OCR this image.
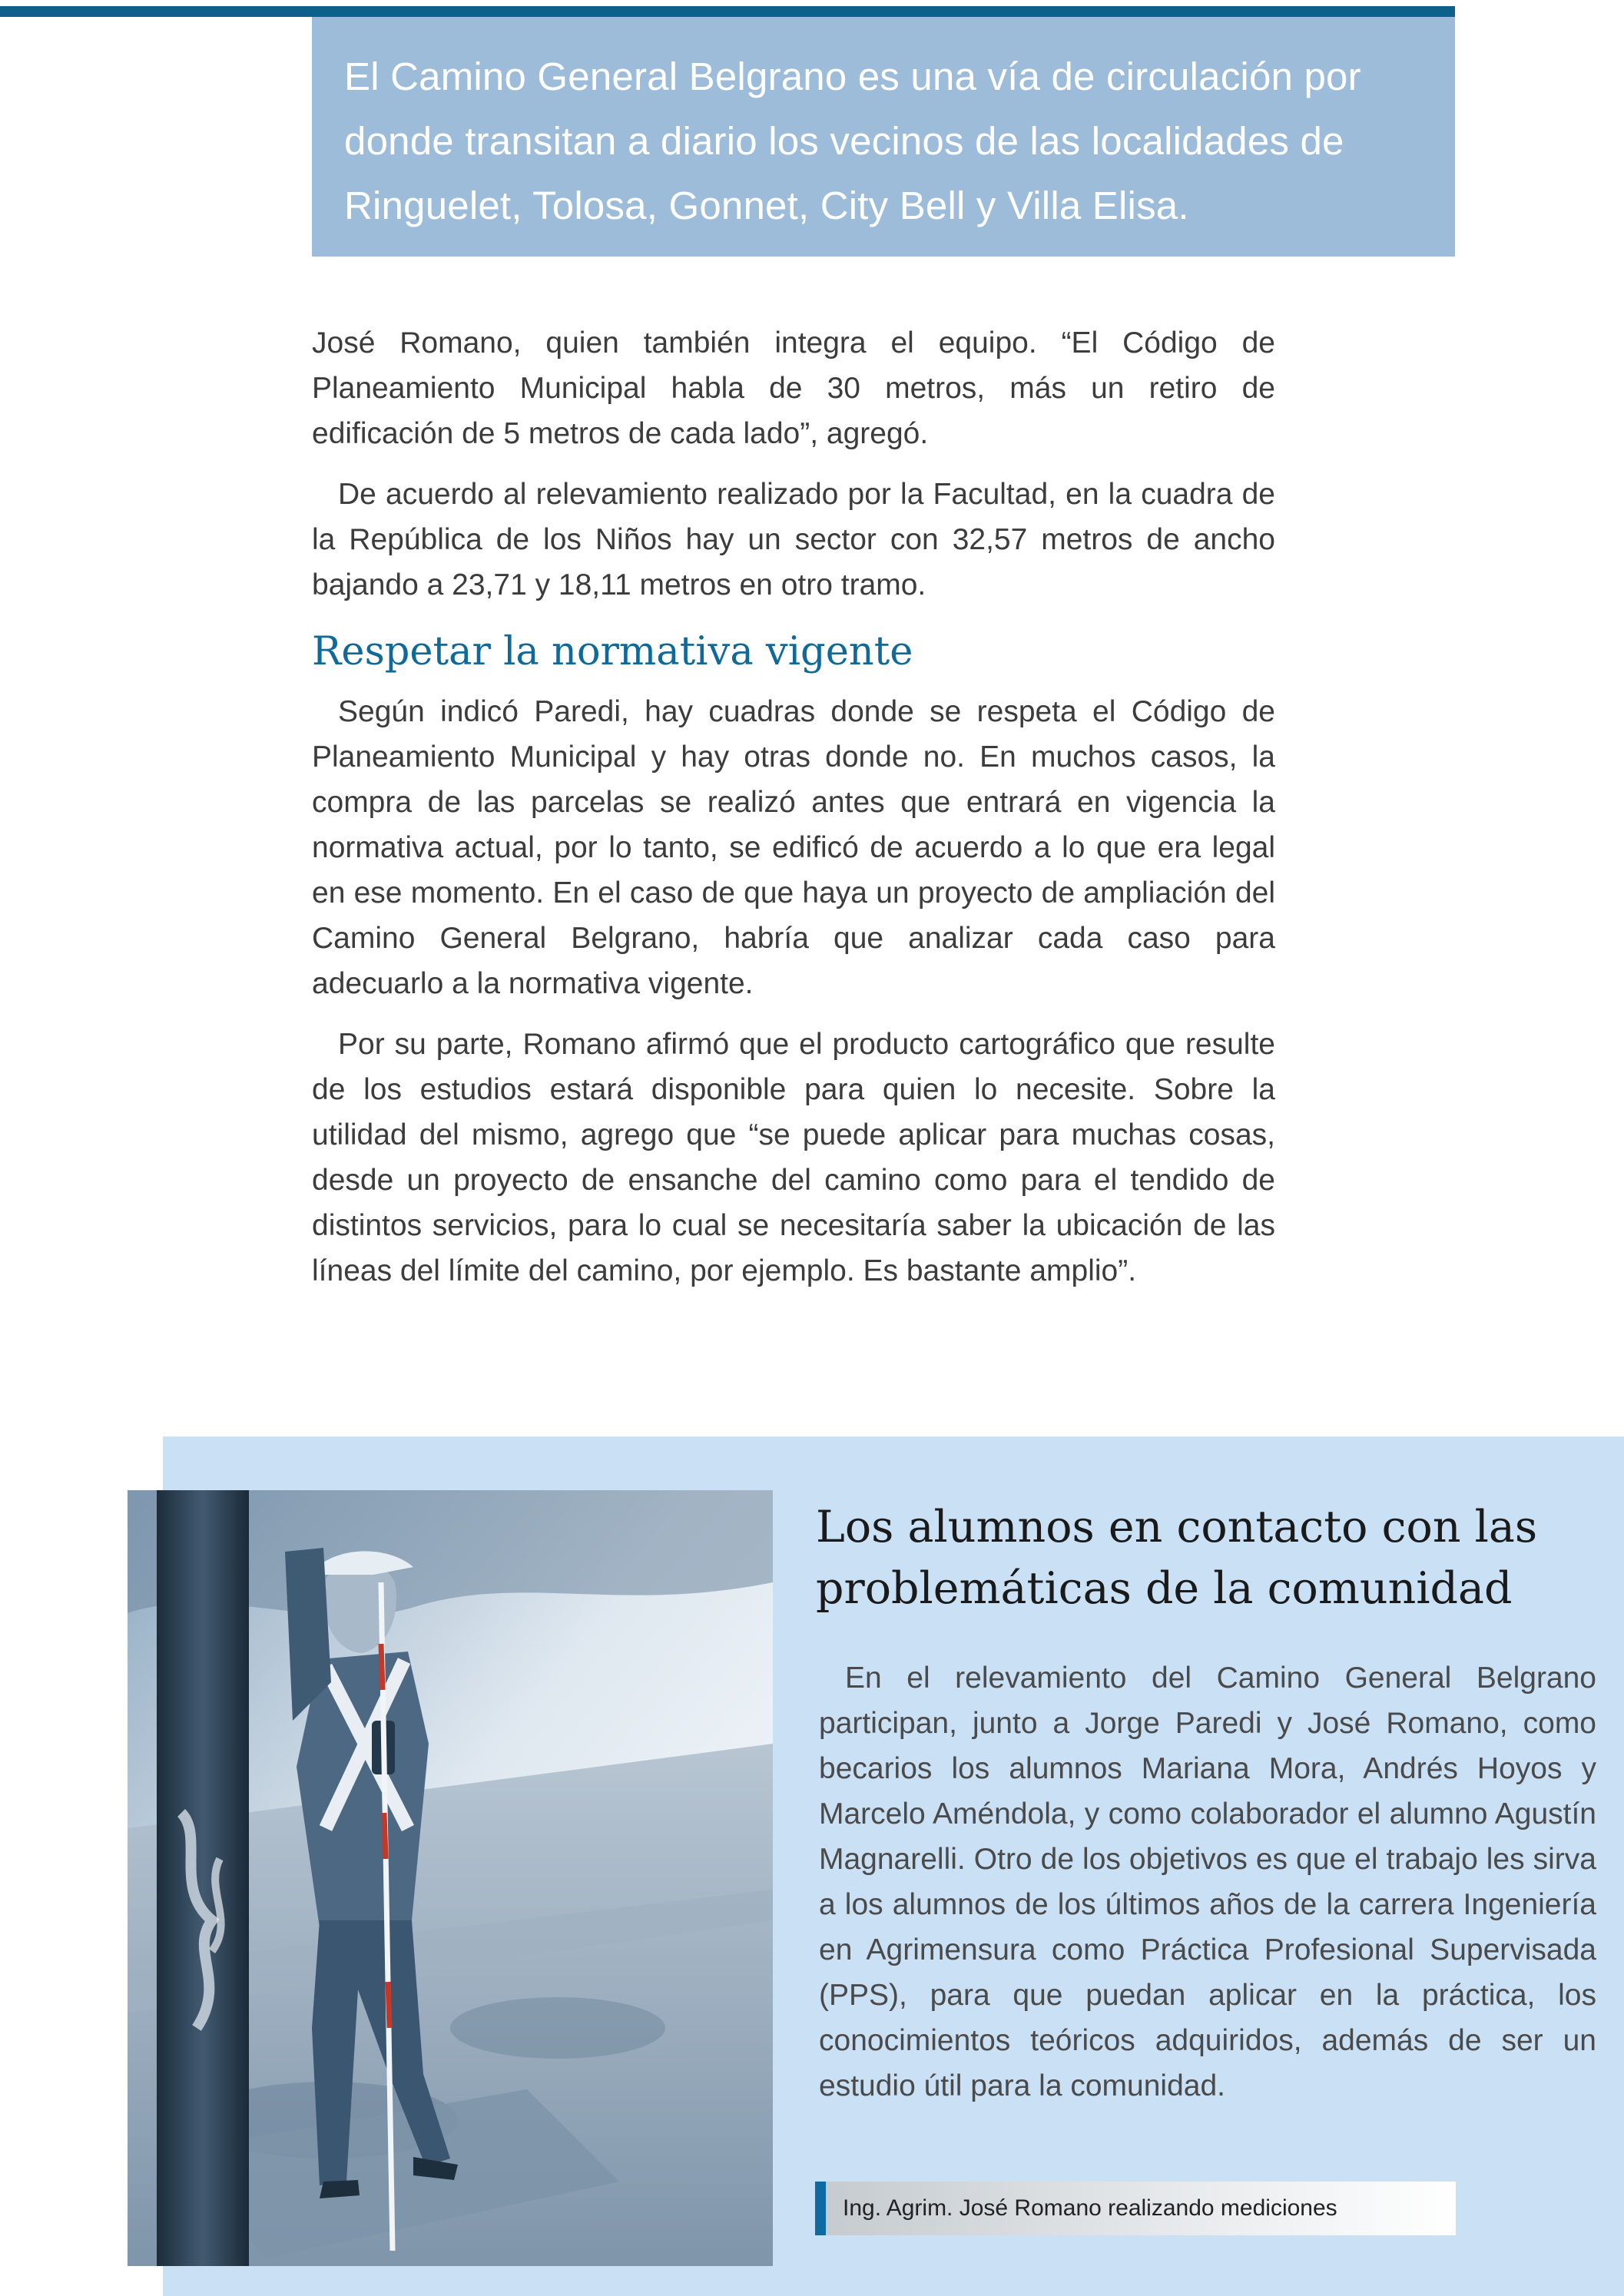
El Camino General Belgrano es una vía de circulación por donde transitan a diario los vecinos de las localidades de Ringuelet, Tolosa, Gonnet, City Bell y Villa Elisa.

José Romano, quien también integra el equipo. “El Código de Planeamiento Municipal habla de 30 metros, más un retiro de edificación de 5 metros de cada lado”, agregó.

De acuerdo al relevamiento realizado por la Facultad, en la cuadra de la República de los Niños hay un sector con 32,57 metros de ancho bajando a 23,71 y 18,11 metros en otro tramo.

Respetar la normativa vigente

Según indicó Paredi, hay cuadras donde se respeta el Código de Planeamiento Municipal y hay otras donde no. En muchos casos, la compra de las parcelas se realizó antes que entrará en vigencia la normativa actual, por lo tanto, se edificó de acuerdo a lo que era legal en ese momento. En el caso de que haya un proyecto de ampliación del Camino General Belgrano, habría que analizar cada caso para adecuarlo a la normativa vigente.

Por su parte, Romano afirmó que el producto cartográfico que resulte de los estudios estará disponible para quien lo necesite. Sobre la utilidad del mismo, agrego que “se puede aplicar para muchas cosas, desde un proyecto de ensanche del camino como para el tendido de distintos servicios, para lo cual se necesitaría saber la ubicación de las líneas del límite del camino, por ejemplo. Es bastante amplio”.

Los alumnos en contacto con las problemáticas de la comunidad

En el relevamiento del Camino General Belgrano participan, junto a Jorge Paredi y José Romano, como becarios los alumnos Mariana Mora, Andrés Hoyos y Marcelo Améndola, y como colaborador el alumno Agustín Magnarelli. Otro de los objetivos es que el trabajo les sirva a los alumnos de los últimos años de la carrera Ingeniería en Agrimensura como Práctica Profesional Supervisada (PPS), para que puedan aplicar en la práctica, los conocimientos teóricos adquiridos, además de ser un estudio útil para la comunidad.

Ing. Agrim. José Romano realizando mediciones
